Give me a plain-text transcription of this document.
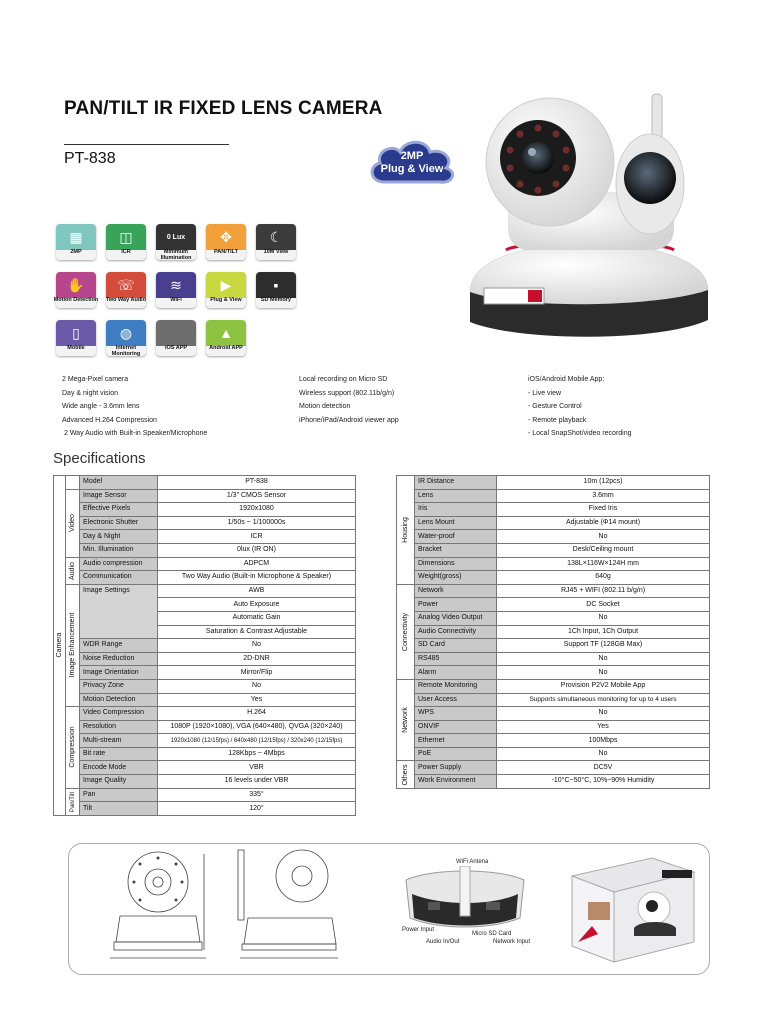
PAN/TILT IR FIXED LENS CAMERA
PT-838	2MP
Plug & View
▦
2MP
◫
ICR
0 Lux
Minimum Illumination
✥
PAN/TILT
☾
10M View
✋
Motion Detection
☏
Two Way Audio
≋
WiFi
▶
Plug & View
▪
SD Memory
▯
Mobile
◍
Internet Monitoring
iOS APP
▲
Android APP
2 Mega-Pixel camera
Day & night vision
Wide angle - 3.6mm lens
Advanced H.264 Compression
2 Way Audio with Built-in Speaker/Microphone
Local recording on Micro SD
Wireless support (802.11b/g/n)
Motion detection
iPhone/iPad/Android viewer app
iOS/Android Mobile App:
- Live view
- Gesture Control
- Remote playback
- Local SnapShot/video recording
Specifications
Camera		Model	PT-838

	Video	Image Sensor	1/3" CMOS Sensor
		Effective Pixels	1920x1080
		Electronic Shutter	1/50s ~ 1/100000s
		Day & Night	ICR
		Min. Illumination	0lux (IR ON)

	Audio	Audio compression	ADPCM
		Communication	Two Way Audio (Built-in Microphone & Speaker)

	Image Enhancement	Image Settings	AWB
			Auto Exposure
			Automatic Gain
			Saturation & Contrast Adjustable
		WDR Range	No
		Noise Reduction	2D-DNR
		Image Orientation	Mirror/Flip
		Privacy Zone	No
		Motion Detection	Yes

	Compression	Video Compression	H.264
		Resolution	1080P (1920×1080), VGA (640×480), QVGA (320×240)
		Multi-stream	1920x1080 (12/15fps) / 640x480 (12/15fps) / 320x240 (12/15fps)
		Bit rate	128Kbps ~ 4Mbps
		Encode Mode	VBR
		Image Quality	16 levels under VBR

	Pan/Tilt	Pan	335°
		Tilt	120°
Housing	IR Distance	10m (12pcs)
	Lens	3.6mm
	Iris	Fixed Iris
	Lens Mount	Adjustable (Φ14 mount)
	Water-proof	No
	Bracket	Desk/Ceiling mount
	Dimensions	138L×116W×124H mm
	Weight(gross)	640g

Connectivity	Network	RJ45 + WIFI (802.11 b/g/n)
	Power	DC Socket
	Analog Video Output	No
	Audio Connectivity	1Ch Input, 1Ch Output
	SD Card	Support TF (128GB Max)
	RS485	No
	Alarm	No

Network	Remote Monitoring	Provision P2V2 Mobile App
	User Access	Supports simultaneous monitoring for up to 4 users
	WPS	No
	ONVIF	Yes
	Ethernet	100Mbps
	PoE	No

Others	Power Supply	DC5V
	Work Environment	-10°C~50°C, 10%~90% Humidity
WiFi Antena
Power Input
Audio In/Out
Micro SD Card
Network Input
